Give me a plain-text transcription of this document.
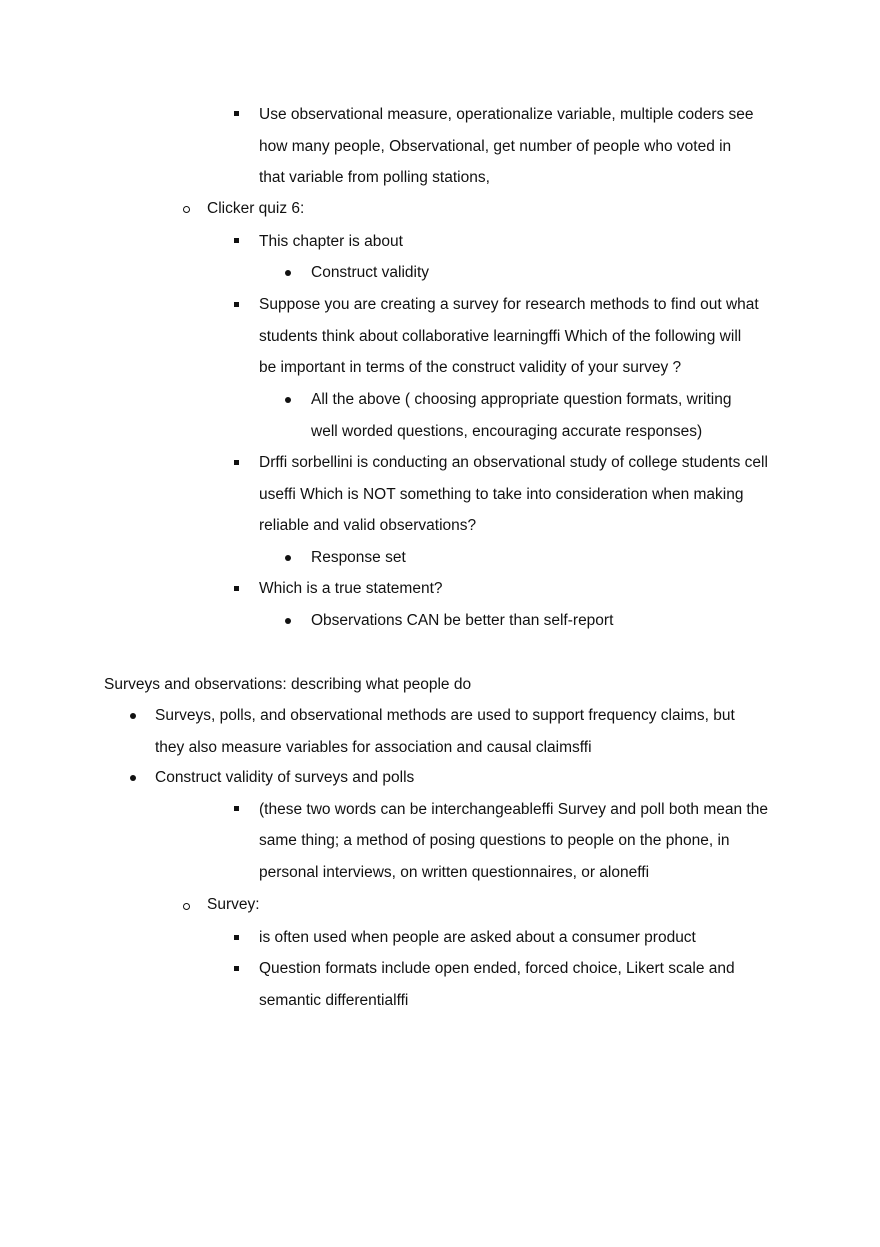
Use observational measure, operationalize variable, multiple coders see
how many people, Observational, get number of people who voted in
that variable from polling stations,
Clicker quiz 6:
This chapter is about
Construct validity
Suppose you are creating a survey for research methods to find out what
students think about collaborative learningffi Which of the following will
be important in terms of the construct validity of your survey ?
All the above ( choosing appropriate question formats, writing
well worded questions, encouraging accurate responses)
Drffi sorbellini is conducting an observational study of college students cell
useffi Which is NOT something to take into consideration when making
reliable and valid observations?
Response set
Which is a true statement?
Observations CAN be better than self-report
Surveys and observations: describing what people do
Surveys, polls, and observational methods are used to support frequency claims, but
they also measure variables for association and causal claimsffi
Construct validity of surveys and polls
(these two words can be interchangeableffi Survey and poll both mean the
same thing; a method of posing questions to people on the phone, in
personal interviews, on written questionnaires, or aloneffi
Survey:
is often used when people are asked about a consumer product
Question formats include open ended, forced choice, Likert scale and
semantic differentialffi
